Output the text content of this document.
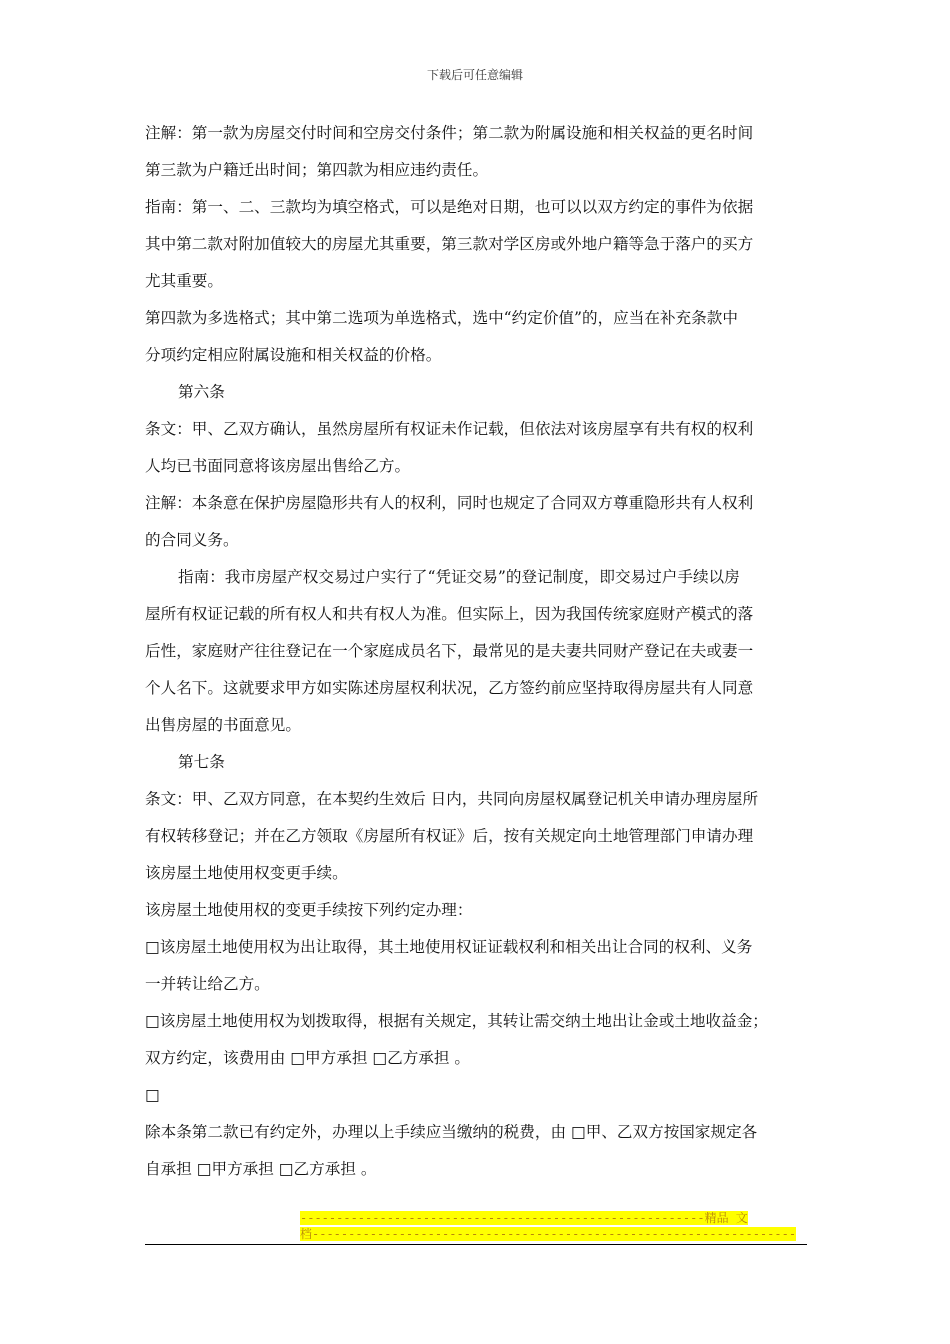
下载后可任意编辑

注解：第一款为房屋交付时间和空房交付条件；第二款为附属设施和相关权益的更名时间

第三款为户籍迁出时间；第四款为相应违约责任。

指南：第一、二、三款均为填空格式，可以是绝对日期，也可以以双方约定的事件为依据

其中第二款对附加值较大的房屋尤其重要，第三款对学区房或外地户籍等急于落户的买方

尤其重要。

第四款为多选格式；其中第二选项为单选格式，选中“约定价值”的，应当在补充条款中

分项约定相应附属设施和相关权益的价格。

第六条

条文：甲、乙双方确认，虽然房屋所有权证未作记载，但依法对该房屋享有共有权的权利

人均已书面同意将该房屋出售给乙方。

注解：本条意在保护房屋隐形共有人的权利，同时也规定了合同双方尊重隐形共有人权利

的合同义务。

指南：我市房屋产权交易过户实行了“凭证交易”的登记制度，即交易过户手续以房

屋所有权证记载的所有权人和共有权人为准。但实际上，因为我国传统家庭财产模式的落

后性，家庭财产往往登记在一个家庭成员名下，最常见的是夫妻共同财产登记在夫或妻一

个人名下。这就要求甲方如实陈述房屋权利状况，乙方签约前应坚持取得房屋共有人同意

出售房屋的书面意见。

第七条

条文：甲、乙双方同意，在本契约生效后 日内，共同向房屋权属登记机关申请办理房屋所

有权转移登记；并在乙方领取《房屋所有权证》后，按有关规定向土地管理部门申请办理

该房屋土地使用权变更手续。

该房屋土地使用权的变更手续按下列约定办理：

□该房屋土地使用权为出让取得，其土地使用权证证载权利和相关出让合同的权利、义务

一并转让给乙方。

□该房屋土地使用权为划拨取得，根据有关规定，其转让需交纳土地出让金或土地收益金；

双方约定，该费用由 □甲方承担 □乙方承担 。

□

除本条第二款已有约定外，办理以上手续应当缴纳的税费，由 □甲、乙双方按国家规定各

自承担 □甲方承担 □乙方承担 。

--------------------------------------------------------精品 文
档-------------------------------------------------------------------
